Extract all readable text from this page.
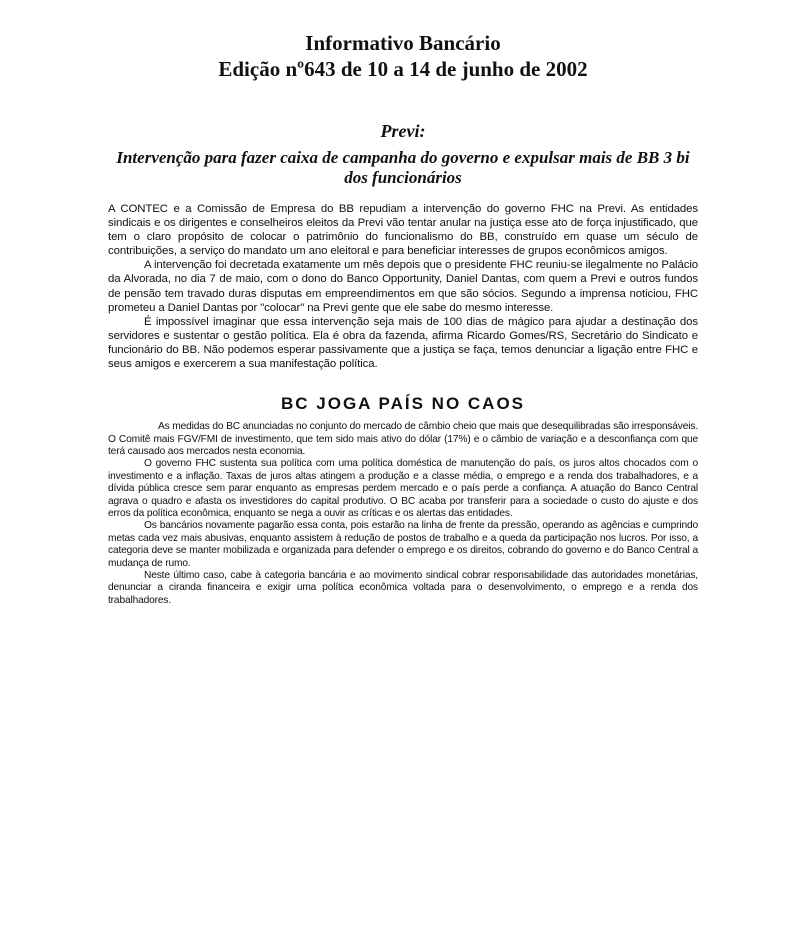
Informativo Bancário
Edição nº643 de 10 a 14 de junho de 2002
Previ:
Intervenção para fazer caixa de campanha do governo e expulsar mais de BB 3 bi dos funcionários

A CONTEC e a Comissão de Empresa do BB repudiam a intervenção do governo FHC na Previ. As entidades sindicais e os dirigentes e conselheiros eleitos da Previ vão tentar anular na justiça esse ato de força injustificado, que tem o claro propósito de colocar o patrimônio do funcionalismo do BB, construído em quase um século de contribuições, a serviço do mandato um ano eleitoral e para beneficiar interesses de grupos econômicos amigos.

A intervenção foi decretada exatamente um mês depois que o presidente FHC reuniu-se ilegalmente no Palácio da Alvorada, no dia 7 de maio, com o dono do Banco Opportunity, Daniel Dantas, com quem a Previ e outros fundos de pensão tem travado duras disputas em empreendimentos em que são sócios. Segundo a imprensa noticiou, FHC prometeu a Daniel Dantas por "colocar" na Previ gente que ele sabe do mesmo interesse.

É impossível imaginar que essa intervenção seja mais de 100 dias de mágico para ajudar a destinação dos servidores e sustentar o gestão política. Ela é obra da fazenda, afirma Ricardo Gomes/RS, Secretário do Sindicato e funcionário do BB. Não podemos esperar passivamente que a justiça se faça, temos denunciar a ligação entre FHC e seus amigos e exercerem a sua manifestação política.

BC JOGA PAÍS NO CAOS

As medidas do BC anunciadas no conjunto do mercado de câmbio cheio que mais que desequilibradas são irresponsáveis. O Comitê mais FGV/FMI de investimento, que tem sido mais ativo do dólar (17%) e o câmbio de variação e a desconfiança com que terá causado aos mercados nesta economia.

O governo FHC sustenta sua política com uma política doméstica de manutenção do país, os juros altos chocados com o investimento e a inflação. Taxas de juros altas atingem a produção e a classe média, o emprego e a renda dos trabalhadores, e a dívida pública cresce sem parar enquanto as empresas perdem mercado e o país perde a confiança. A atuação do Banco Central agrava o quadro e afasta os investidores do capital produtivo. O BC acaba por transferir para a sociedade o custo do ajuste e dos erros da política econômica, enquanto se nega a ouvir as críticas e os alertas das entidades.

Os bancários novamente pagarão essa conta, pois estarão na linha de frente da pressão, operando as agências e cumprindo metas cada vez mais abusivas, enquanto assistem à redução de postos de trabalho e a queda da participação nos lucros. Por isso, a categoria deve se manter mobilizada e organizada para defender o emprego e os direitos, cobrando do governo e do Banco Central a mudança de rumo.

Neste último caso, cabe à categoria bancária e ao movimento sindical cobrar responsabilidade das autoridades monetárias, denunciar a ciranda financeira e exigir uma política econômica voltada para o desenvolvimento, o emprego e a renda dos trabalhadores.
